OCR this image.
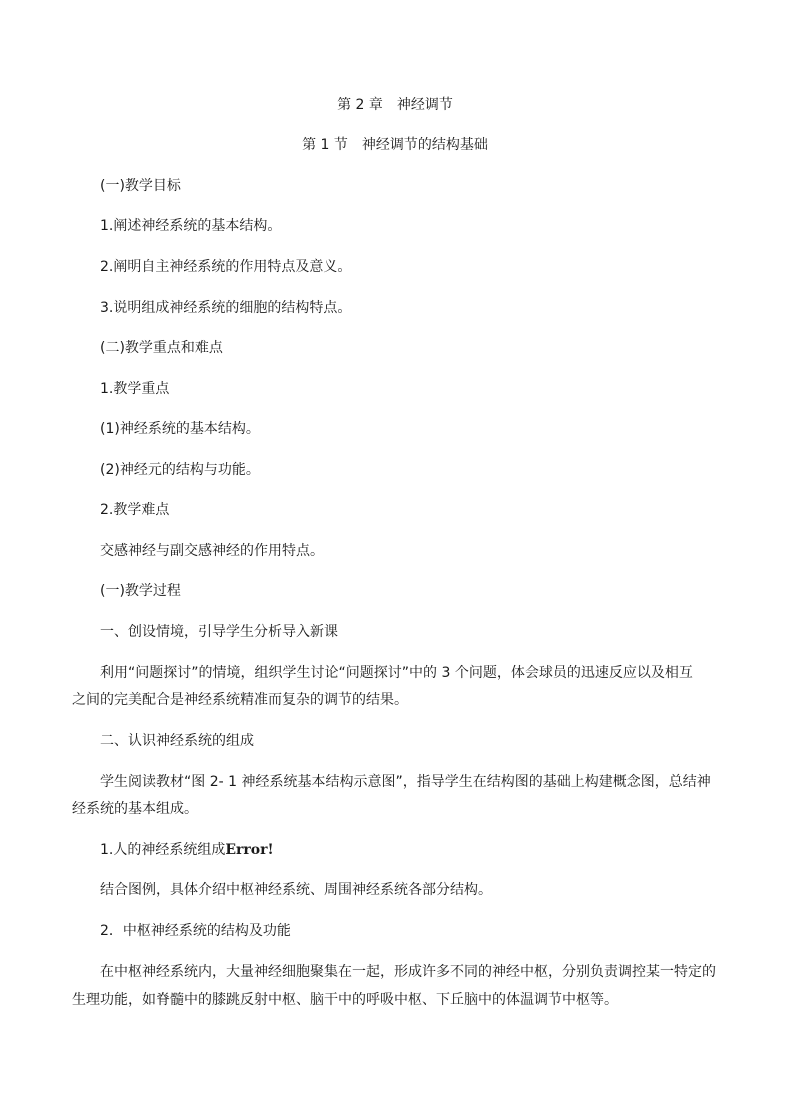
第 2 章　神经调节
第 1 节　神经调节的结构基础
(一)教学目标
1.阐述神经系统的基本结构。
2.阐明自主神经系统的作用特点及意义。
3.说明组成神经系统的细胞的结构特点。
(二)教学重点和难点
1.教学重点
(1)神经系统的基本结构。
(2)神经元的结构与功能。
2.教学难点
交感神经与副交感神经的作用特点。
(一)教学过程
一、创设情境，引导学生分析导入新课
利用“问题探讨”的情境，组织学生讨论“问题探讨”中的 3 个问题，体会球员的迅速反应以及相互
之间的完美配合是神经系统精准而复杂的调节的结果。
二、认识神经系统的组成
学生阅读教材“图 2- 1 神经系统基本结构示意图”，指导学生在结构图的基础上构建概念图，总结神
经系统的基本组成。
1.人的神经系统组成Error!
结合图例，具体介绍中枢神经系统、周围神经系统各部分结构。
2．中枢神经系统的结构及功能
在中枢神经系统内，大量神经细胞聚集在一起，形成许多不同的神经中枢，分别负责调控某一特定的
生理功能，如脊髓中的膝跳反射中枢、脑干中的呼吸中枢、下丘脑中的体温调节中枢等。
